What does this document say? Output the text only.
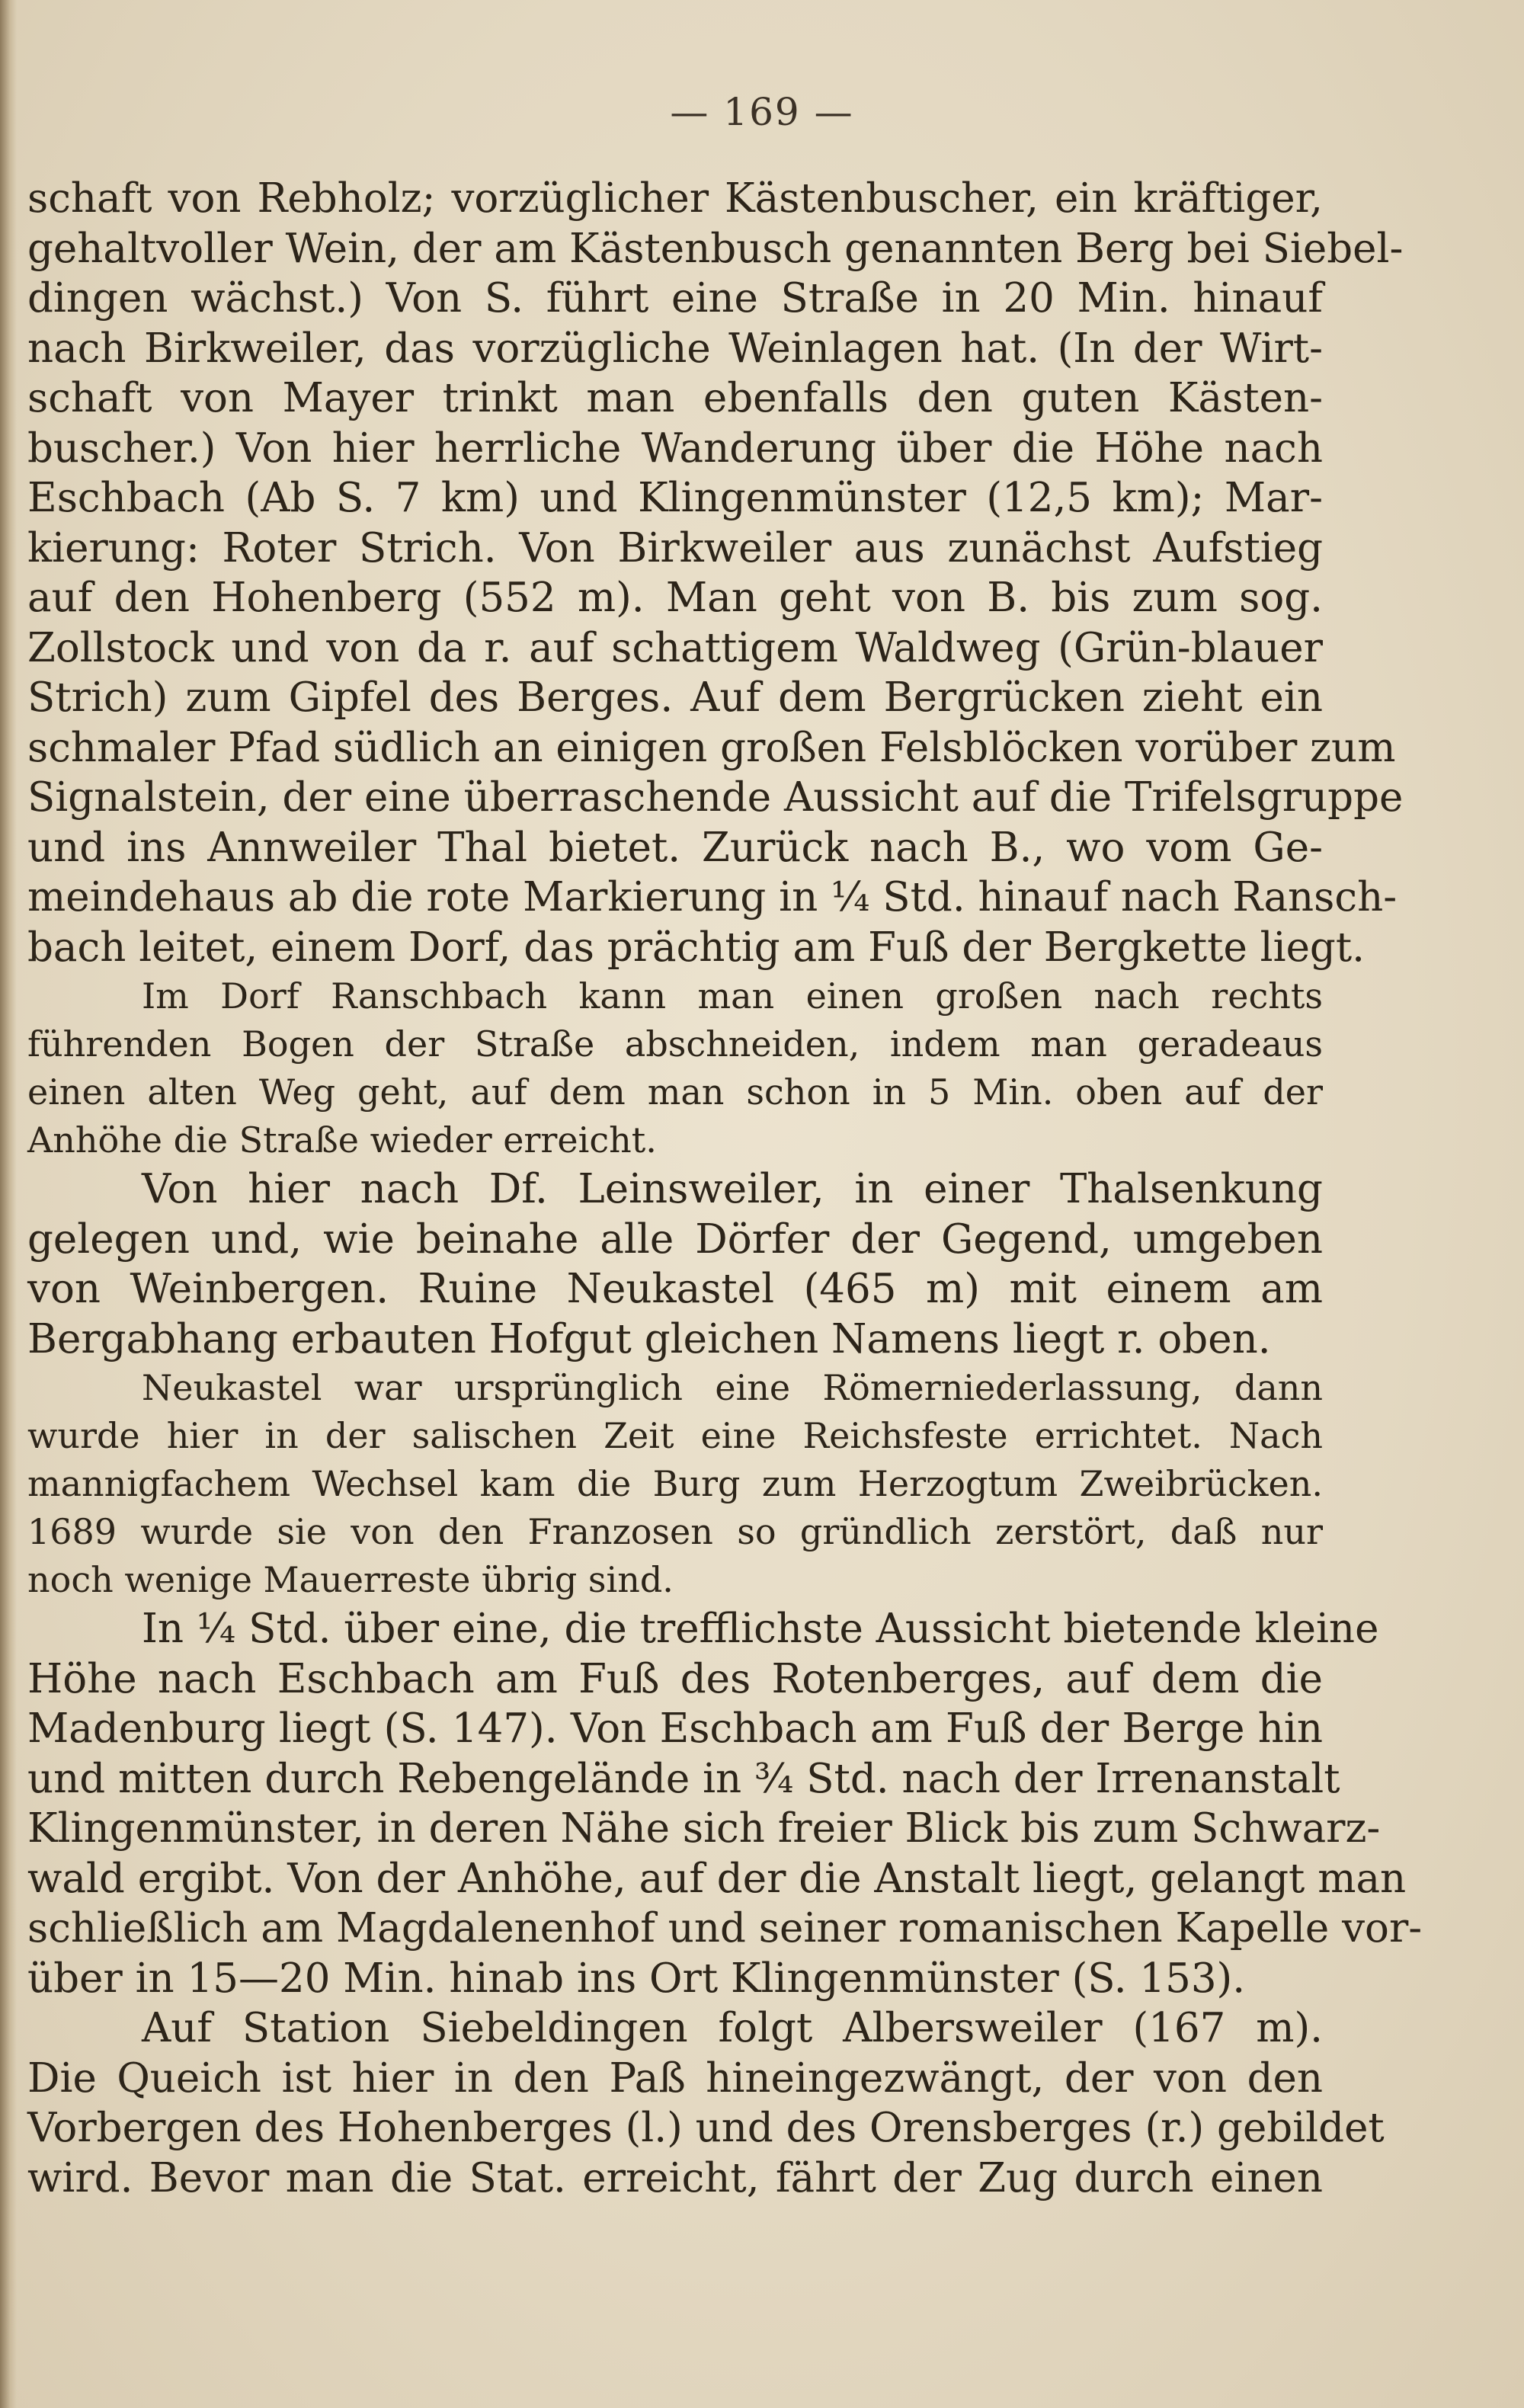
— 169 —
schaft von Rebholz; vorzüglicher Kästenbuscher, ein kräftiger,
gehaltvoller Wein, der am Kästenbusch genannten Berg bei Siebel-
dingen wächst.) Von S. führt eine Straße in 20 Min. hinauf
nach Birkweiler, das vorzügliche Weinlagen hat. (In der Wirt-
schaft von Mayer trinkt man ebenfalls den guten Kästen-
buscher.) Von hier herrliche Wanderung über die Höhe nach
Eschbach (Ab S. 7 km) und Klingenmünster (12,5 km); Mar-
kierung: Roter Strich. Von Birkweiler aus zunächst Aufstieg
auf den Hohenberg (552 m). Man geht von B. bis zum sog.
Zollstock und von da r. auf schattigem Waldweg (Grün-blauer
Strich) zum Gipfel des Berges. Auf dem Bergrücken zieht ein
schmaler Pfad südlich an einigen großen Felsblöcken vorüber zum
Signalstein, der eine überraschende Aussicht auf die Trifelsgruppe
und ins Annweiler Thal bietet. Zurück nach B., wo vom Ge-
meindehaus ab die rote Markierung in ¼ Std. hinauf nach Ransch-
bach leitet, einem Dorf, das prächtig am Fuß der Bergkette liegt.
Im Dorf Ranschbach kann man einen großen nach rechts
führenden Bogen der Straße abschneiden, indem man geradeaus
einen alten Weg geht, auf dem man schon in 5 Min. oben auf der
Anhöhe die Straße wieder erreicht.
Von hier nach Df. Leinsweiler, in einer Thalsenkung
gelegen und, wie beinahe alle Dörfer der Gegend, umgeben
von Weinbergen. Ruine Neukastel (465 m) mit einem am
Bergabhang erbauten Hofgut gleichen Namens liegt r. oben.
Neukastel war ursprünglich eine Römerniederlassung, dann
wurde hier in der salischen Zeit eine Reichsfeste errichtet. Nach
mannigfachem Wechsel kam die Burg zum Herzogtum Zweibrücken.
1689 wurde sie von den Franzosen so gründlich zerstört, daß nur
noch wenige Mauerreste übrig sind.
In ¼ Std. über eine, die trefflichste Aussicht bietende kleine
Höhe nach Eschbach am Fuß des Rotenberges, auf dem die
Madenburg liegt (S. 147). Von Eschbach am Fuß der Berge hin
und mitten durch Rebengelände in ¾ Std. nach der Irrenanstalt
Klingenmünster, in deren Nähe sich freier Blick bis zum Schwarz-
wald ergibt. Von der Anhöhe, auf der die Anstalt liegt, gelangt man
schließlich am Magdalenenhof und seiner romanischen Kapelle vor-
über in 15—20 Min. hinab ins Ort Klingenmünster (S. 153).
Auf Station Siebeldingen folgt Albersweiler (167 m).
Die Queich ist hier in den Paß hineingezwängt, der von den
Vorbergen des Hohenberges (l.) und des Orensberges (r.) gebildet
wird. Bevor man die Stat. erreicht, fährt der Zug durch einen
